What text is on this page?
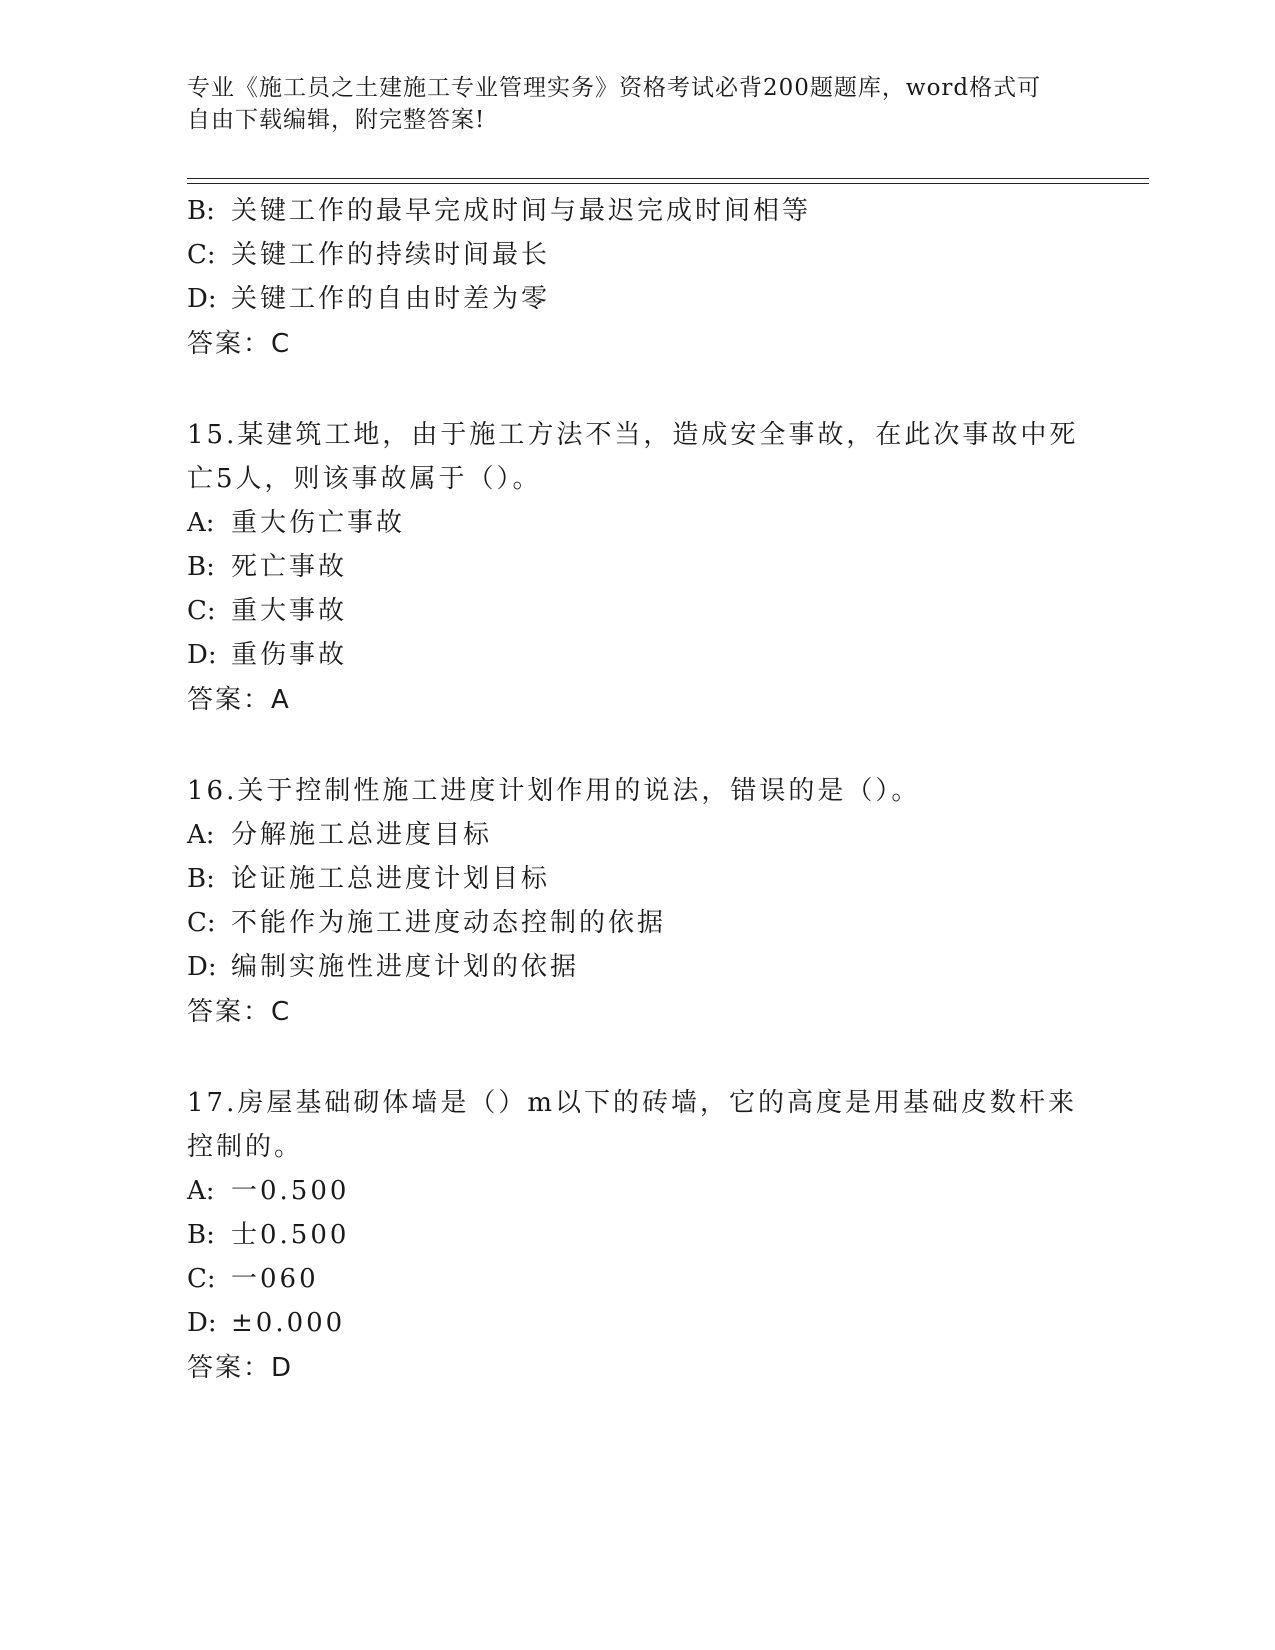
专业《施工员之土建施工专业管理实务》资格考试必背200题题库，word格式可
自由下载编辑，附完整答案!
B: 关键工作的最早完成时间与最迟完成时间相等
C: 关键工作的持续时间最长
D: 关键工作的自由时差为零
答案：C
15.某建筑工地，由于施工方法不当，造成安全事故，在此次事故中死
亡5人，则该事故属于（）。
A: 重大伤亡事故
B: 死亡事故
C: 重大事故
D: 重伤事故
答案：A
16.关于控制性施工进度计划作用的说法，错误的是（）。
A: 分解施工总进度目标
B: 论证施工总进度计划目标
C: 不能作为施工进度动态控制的依据
D: 编制实施性进度计划的依据
答案：C
17.房屋基础砌体墙是（）m以下的砖墙，它的高度是用基础皮数杆来
控制的。
A: 一0.500
B: 士0.500
C: 一060
D: ±0.000
答案：D
